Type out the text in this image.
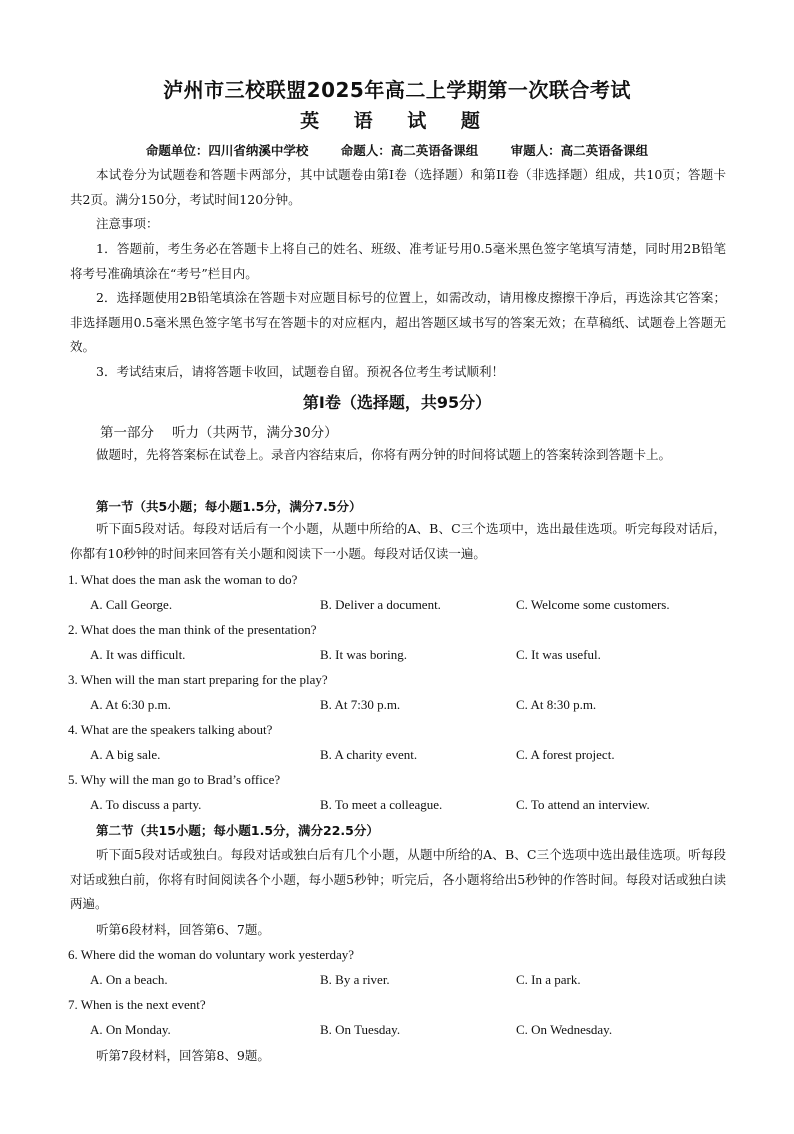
泸州市三校联盟2025年高二上学期第一次联合考试
英 语 试 题
命题单位：四川省纳溪中学校	命题人：高二英语备课组	审题人：高二英语备课组
本试卷分为试题卷和答题卡两部分，其中试题卷由第I卷（选择题）和第II卷（非选择题）组成，共10页；答题卡共2页。满分150分，考试时间120分钟。
注意事项：
1．答题前，考生务必在答题卡上将自己的姓名、班级、准考证号用0.5毫米黑色签字笔填写清楚，同时用2B铅笔将考号准确填涂在“考号”栏目内。
2．选择题使用2B铅笔填涂在答题卡对应题目标号的位置上，如需改动，请用橡皮擦擦干净后，再选涂其它答案；非选择题用0.5毫米黑色签字笔书写在答题卡的对应框内，超出答题区域书写的答案无效；在草稿纸、试题卷上答题无效。
3．考试结束后，请将答题卡收回，试题卷自留。预祝各位考生考试顺利！
第I卷（选择题，共95分）
第一部分 听力（共两节，满分30分）
做题时，先将答案标在试卷上。录音内容结束后，你将有两分钟的时间将试题上的答案转涂到答题卡上。
第一节（共5小题；每小题1.5分，满分7.5分）
听下面5段对话。每段对话后有一个小题，从题中所给的A、B、C三个选项中，选出最佳选项。听完每段对话后，你都有10秒钟的时间来回答有关小题和阅读下一小题。每段对话仅读一遍。
1. What does the man ask the woman to do?
A. Call George.	B. Deliver a document.	C. Welcome some customers.
2. What does the man think of the presentation?
A. It was difficult.	B. It was boring.	C. It was useful.
3. When will the man start preparing for the play?
A. At 6:30 p.m.	B. At 7:30 p.m.	C. At 8:30 p.m.
4. What are the speakers talking about?
A. A big sale.	B. A charity event.	C. A forest project.
5. Why will the man go to Brad’s office?
A. To discuss a party.	B. To meet a colleague.	C. To attend an interview.
第二节（共15小题；每小题1.5分，满分22.5分）
听下面5段对话或独白。每段对话或独白后有几个小题，从题中所给的A、B、C三个选项中选出最佳选项。听每段对话或独白前，你将有时间阅读各个小题，每小题5秒钟；听完后，各小题将给出5秒钟的作答时间。每段对话或独白读两遍。
听第6段材料，回答第6、7题。
6. Where did the woman do voluntary work yesterday?
A. On a beach.	B. By a river.	C. In a park.
7. When is the next event?
A. On Monday.	B. On Tuesday.	C. On Wednesday.
听第7段材料，回答第8、9题。
